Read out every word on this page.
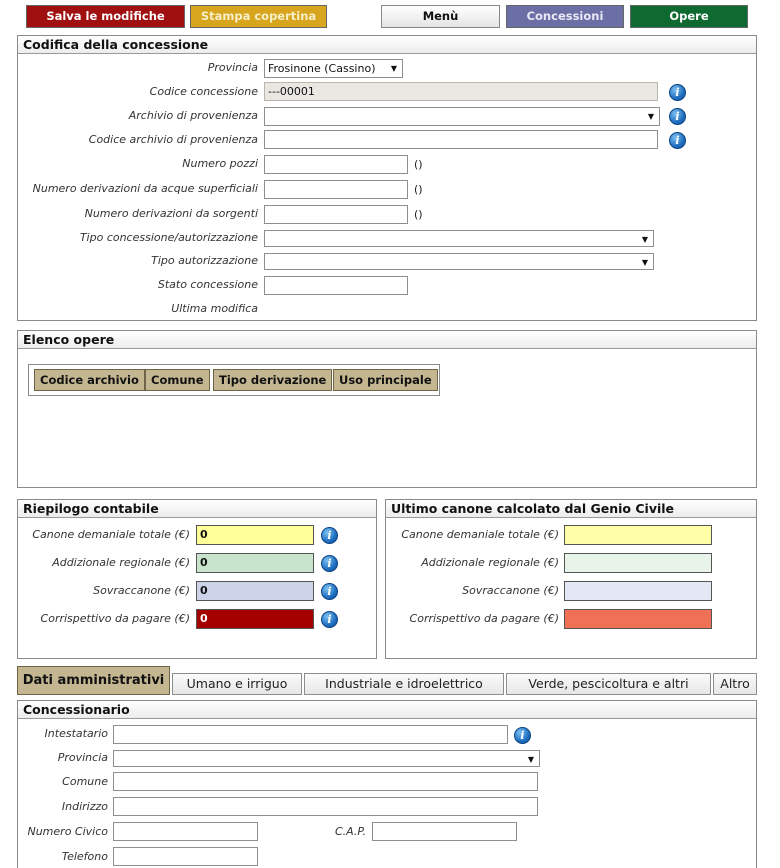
Salva le modifiche	Stampa copertina	Menù	Concessioni	Opere
Codifica della concessione
Provincia Frosinone (Cassino) ▼
Codice concessione ---00001	i
Archivio di provenienza
▼	i
Codice archivio di provenienza	i
Numero pozzi	()
Numero derivazioni da acque superficiali	()
Numero derivazioni da sorgenti	()
Tipo concessione/autorizzazione
▼
Tipo autorizzazione
▼
Stato concessione
Ultima modifica
Elenco opere
Codice archivio	Comune	Tipo derivazione	Uso principale
Riepilogo contabile
Canone demaniale totale (€) 0	i
Addizionale regionale (€) 0	i
Sovraccanone (€) 0	i
Corrispettivo da pagare (€) 0	i
Ultimo canone calcolato dal Genio Civile
Canone demaniale totale (€)
Addizionale regionale (€)
Sovraccanone (€)
Corrispettivo da pagare (€)
Dati amministrativi	Umano e irriguo	Industriale e idroelettrico	Verde, pescicoltura e altri	Altro
Concessionario
Intestatario	i
Provincia
▼
Comune
Indirizzo
Numero Civico	C.A.P.
Telefono
